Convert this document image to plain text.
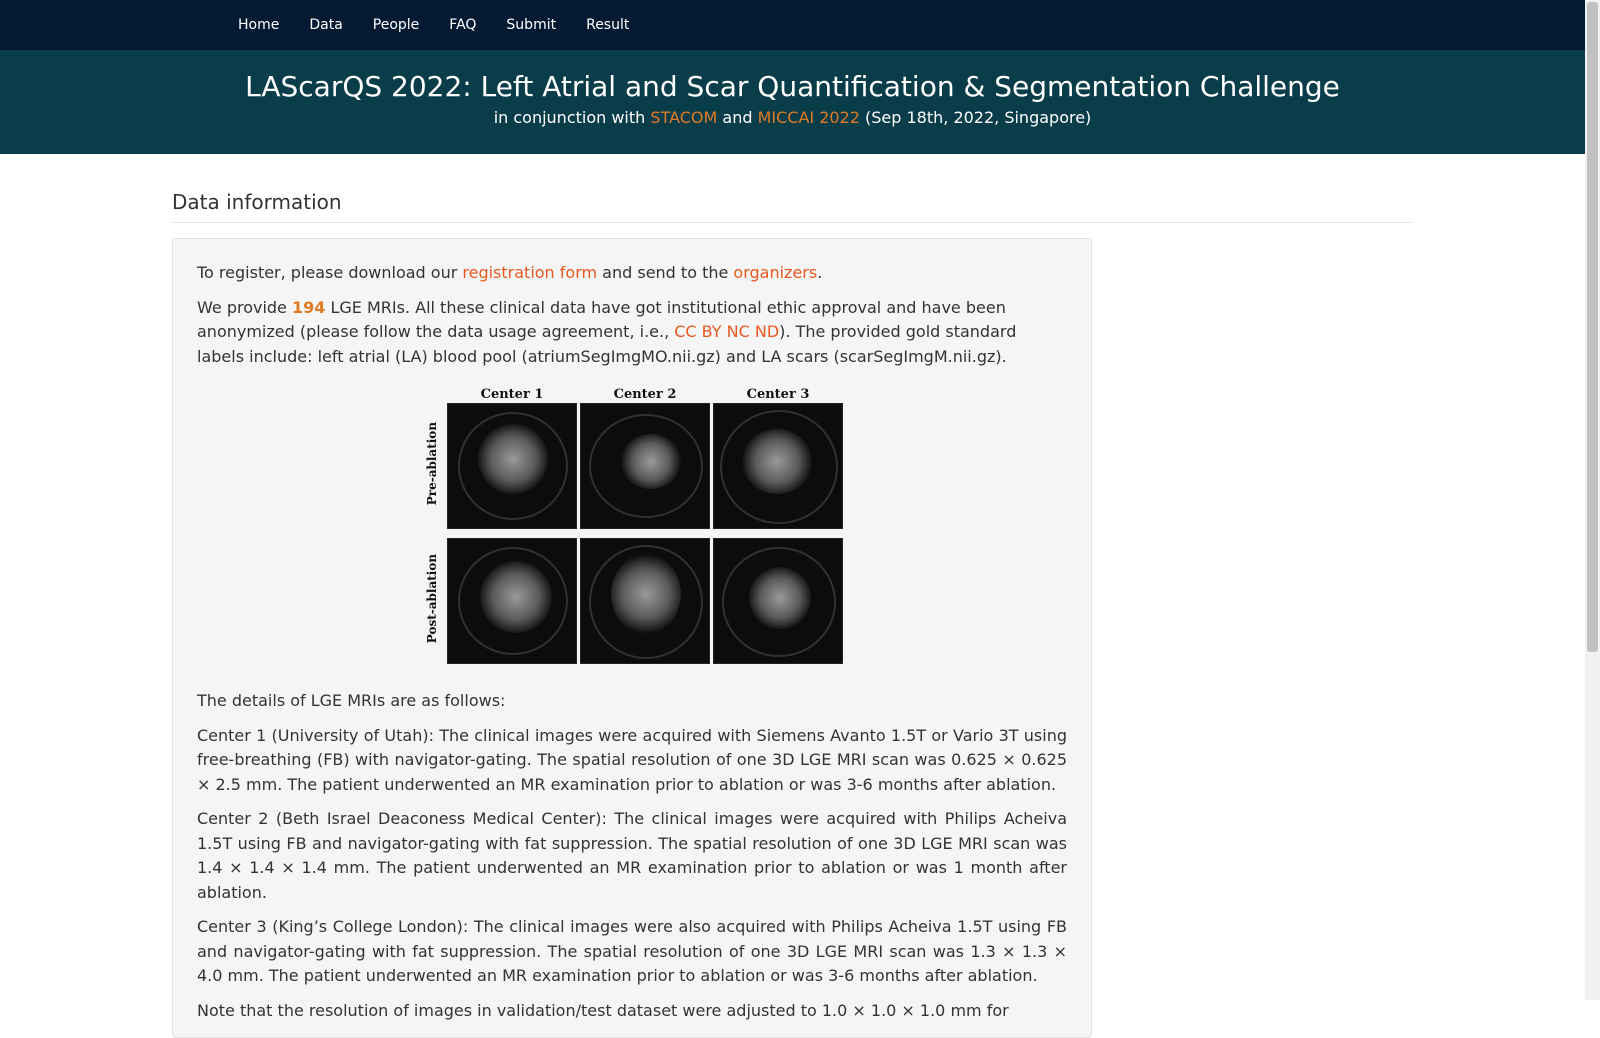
Home	Data	People	FAQ	Submit	Result
LAScarQS 2022: Left Atrial and Scar Quantification & Segmentation Challenge
in conjunction with STACOM and MICCAI 2022 (Sep 18th, 2022, Singapore)
Data information

To register, please download our registration form and send to the organizers.

We provide 194 LGE MRIs. All these clinical data have got institutional ethic approval and have been anonymized (please follow the data usage agreement, i.e., CC BY NC ND). The provided gold standard labels include: left atrial (LA) blood pool (atriumSegImgMO.nii.gz) and LA scars (scarSegImgM.nii.gz).

Center 1	Center 2	Center 3
Pre-ablation
Post-ablation

The details of LGE MRIs are as follows:

Center 1 (University of Utah): The clinical images were acquired with Siemens Avanto 1.5T or Vario 3T using free-breathing (FB) with navigator-gating. The spatial resolution of one 3D LGE MRI scan was 0.625 × 0.625 × 2.5 mm. The patient underwented an MR examination prior to ablation or was 3-6 months after ablation.

Center 2 (Beth Israel Deaconess Medical Center): The clinical images were acquired with Philips Acheiva 1.5T using FB and navigator-gating with fat suppression. The spatial resolution of one 3D LGE MRI scan was 1.4 × 1.4 × 1.4 mm. The patient underwented an MR examination prior to ablation or was 1 month after ablation.

Center 3 (King’s College London): The clinical images were also acquired with Philips Acheiva 1.5T using FB and navigator-gating with fat suppression. The spatial resolution of one 3D LGE MRI scan was 1.3 × 1.3 × 4.0 mm. The patient underwented an MR examination prior to ablation or was 3-6 months after ablation.

Note that the resolution of images in validation/test dataset were adjusted to 1.0 × 1.0 × 1.0 mm for
